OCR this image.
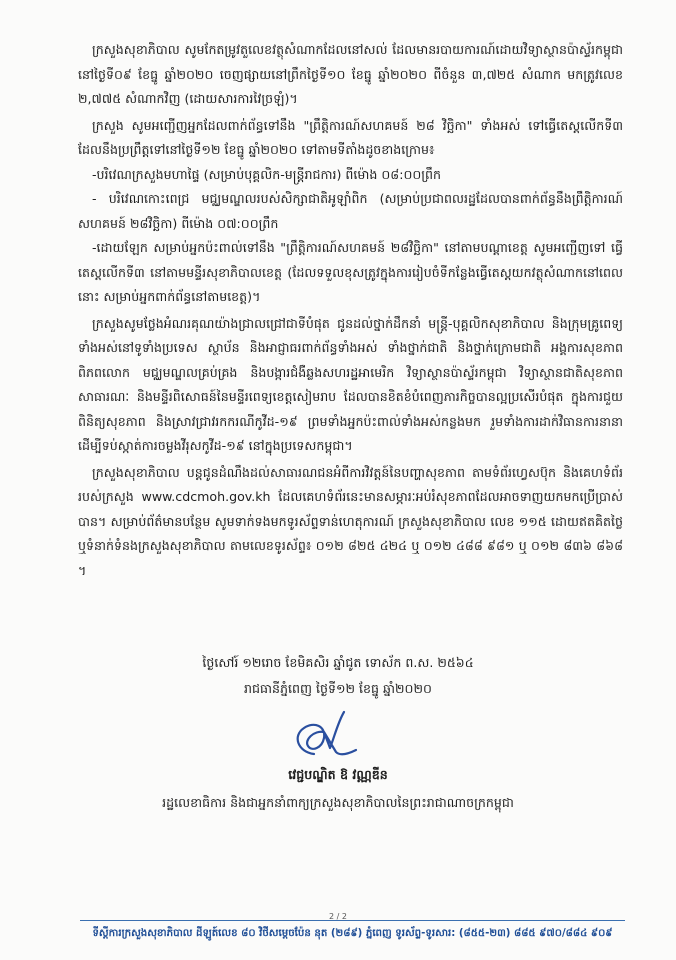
ក្រសួងសុខាភិបាល សូមកែតម្រូវតួលេខវត្ថុសំណាកដែលនៅសល់ ដែលមានរបាយការណ៍ដោយវិទ្យាស្ថានប៉ាស្ទ័រកម្ពុជានៅថ្ងៃទី០៩ ខែធ្នូ ឆ្នាំ២០២០ ចេញផ្សាយនៅព្រឹកថ្ងៃទី១០ ខែធ្នូ ឆ្នាំ២០២០ ពីចំនួន ៣,៧២៥ សំណាក មកត្រូវលេខ ២,៧៧៥ សំណាកវិញ (ដោយសារការវៃច្រឡំ)។

ក្រសួង សូមអញ្ជើញអ្នកដែលពាក់ព័ន្ធទៅនឹង "ព្រឹត្តិការណ៍សហគមន៍ ២៨ វិច្ឆិកា" ទាំងអស់ ទៅធ្វើតេស្តលើកទី៣ ដែលនឹងប្រព្រឹត្តទៅនៅថ្ងៃទី១២ ខែធ្នូ ឆ្នាំ២០២០ ទៅតាមទីតាំងដូចខាងក្រោម៖

-បរិវេណក្រសួងមហាផ្ទៃ (សម្រាប់បុគ្គលិក-មន្ត្រីរាជការ) ពីម៉ោង ០៨:០០ព្រឹក

- បរិវេណកោះពេជ្រ មជ្ឈមណ្ឌលរបស់សិក្សាជាតិអូឡាំពិក (សម្រាប់ប្រជាពលរដ្ឋដែលបានពាក់ព័ន្ធនឹងព្រឹត្តិការណ៍សហគមន៍ ២៨វិច្ឆិកា) ពីម៉ោង ០៧:០០ព្រឹក

-ដោយឡែក សម្រាប់អ្នកប៉ះពាល់ទៅនឹង "ព្រឹត្តិការណ៍សហគមន៍ ២៨វិច្ឆិកា" នៅតាមបណ្តាខេត្ត សូមអញ្ជើញទៅ ធ្វើតេស្តលើកទី៣ នៅតាមមន្ទីរសុខាភិបាលខេត្ត (ដែលទទួលខុសត្រូវក្នុងការរៀបចំទីកន្លែងធ្វើតេស្តយកវត្ថុសំណាកនៅពេលនោះ សម្រាប់អ្នកពាក់ព័ន្ធនៅតាមខេត្ត)។

ក្រសួងសូមថ្លែងអំណរគុណយ៉ាងជ្រាលជ្រៅជាទីបំផុត ជូនដល់ថ្នាក់ដឹកនាំ មន្ត្រី-បុគ្គលិកសុខាភិបាល និងក្រុមគ្រូពេទ្យទាំងអស់នៅទូទាំងប្រទេស ស្ថាប័ន និងអាជ្ញាធរពាក់ព័ន្ធទាំងអស់ ទាំងថ្នាក់ជាតិ និងថ្នាក់ក្រោមជាតិ អង្គការសុខភាពពិភពលោក មជ្ឈមណ្ឌលគ្រប់គ្រង និងបង្ការជំងឺឆ្លងសហរដ្ឋអាមេរិក វិទ្យាស្ថានប៉ាស្ទ័រកម្ពុជា វិទ្យាស្ថានជាតិសុខភាពសាធារណៈ និងមន្ទីរពិសោធន៍នៃមន្ទីរពេទ្យខេត្តសៀមរាប ដែលបានខិតខំបំពេញភារកិច្ចបានល្អប្រសើរបំផុត ក្នុងការជួយពិនិត្យសុខភាព និងស្រាវជ្រាវរកករណីកូវីដ-១៩ ព្រមទាំងអ្នកប៉ះពាល់ទាំងអស់កន្លងមក រួមទាំងការដាក់វិធានការនានា ដើម្បីទប់ស្កាត់ការចម្លងវីរុសកូវីដ-១៩ នៅក្នុងប្រទេសកម្ពុជា។

ក្រសួងសុខាភិបាល បន្តជូនដំណឹងដល់សាធារណជនអំពីការវិវត្តន៍នៃបញ្ហាសុខភាព តាមទំព័រហ្វេសប៊ុក និងគេហទំព័ររបស់ក្រសួង www.cdcmoh.gov.kh ដែលគេហទំព័រនេះមានសម្ភារៈអប់រំសុខភាពដែលអាចទាញយកមកប្រើប្រាស់បាន។ សម្រាប់ព័ត៌មានបន្ថែម សូមទាក់ទងមកទូរស័ព្ទទាន់ហេតុការណ៍ ក្រសួងសុខាភិបាល លេខ ១១៥ ដោយឥតគិតថ្លៃ ឬទំនាក់ទំនងក្រសួងសុខាភិបាល តាមលេខទូរស័ព្ទ៖ ០១២ ៨២៥ ៤២៤ ឬ ០១២ ៤៨៨ ៩៨១ ឬ ០១២ ៨៣៦ ៨៦៨ ។

ថ្ងៃសៅរ៍ ១២រោច ខែមិគសិរ ឆ្នាំជូត ទោស័ក ព.ស. ២៥៦៤
រាជធានីភ្នំពេញ ថ្ងៃទី១២ ខែធ្នូ ឆ្នាំ២០២០
វេជ្ជបណ្ឌិត ឱ វណ្ណឌីន
រដ្ឋលេខាធិការ និងជាអ្នកនាំពាក្យក្រសួងសុខាភិបាលនៃព្រះរាជាណាចក្រកម្ពុជា
2 / 2
ទីស្តីការក្រសួងសុខាភិបាល ដីឡូត៍លេខ ៨០ វិថីសម្តេចប៉ែន នុត (២៨៩) ភ្នំពេញ ទូរស័ព្ទ-ទូរសារ: (៨៥៥-២៣) ៨៨៥ ៩៧០/៨៨៤ ៩០៩
